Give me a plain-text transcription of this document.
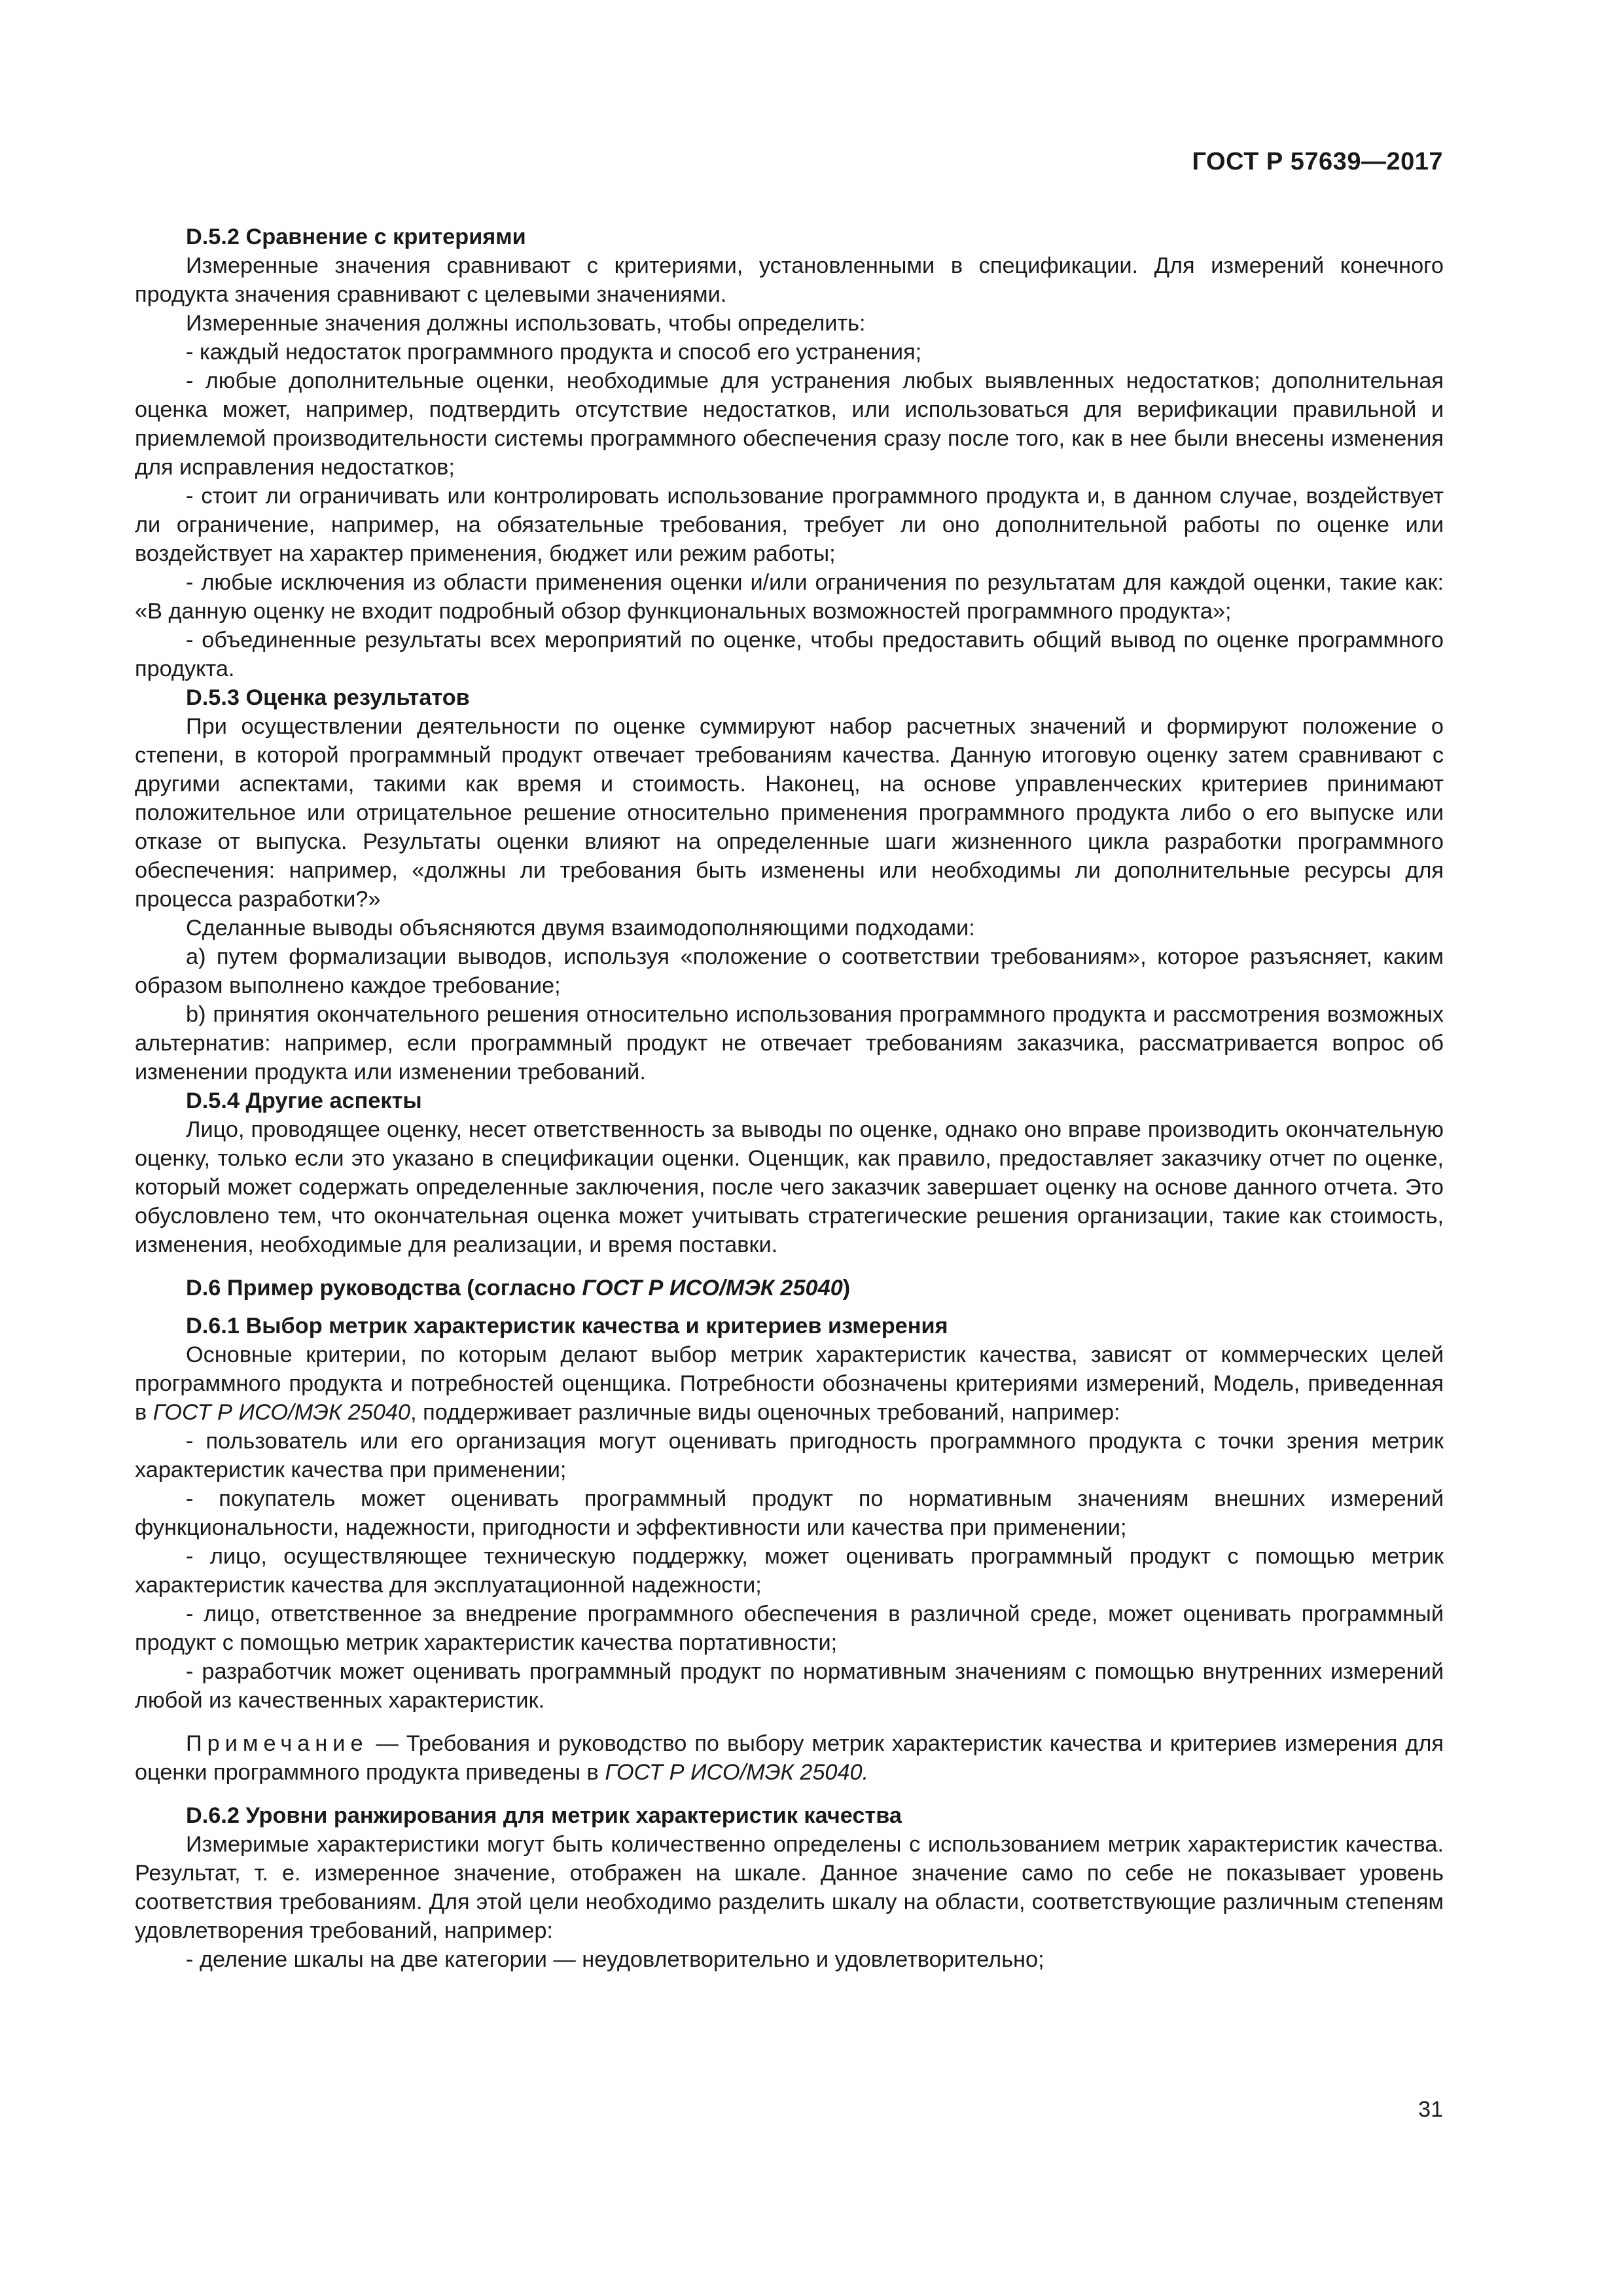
ГОСТ Р 57639—2017
D.5.2 Сравнение с критериями

Измеренные значения сравнивают с критериями, установленными в спецификации. Для измерений конечного продукта значения сравнивают с целевыми значениями.

Измеренные значения должны использовать, чтобы определить:

- каждый недостаток программного продукта и способ его устранения;

- любые дополнительные оценки, необходимые для устранения любых выявленных недостатков; дополнительная оценка может, например, подтвердить отсутствие недостатков, или использоваться для верификации правильной и приемлемой производительности системы программного обеспечения сразу после того, как в нее были внесены изменения для исправления недостатков;

- стоит ли ограничивать или контролировать использование программного продукта и, в данном случае, воздействует ли ограничение, например, на обязательные требования, требует ли оно дополнительной работы по оценке или воздействует на характер применения, бюджет или режим работы;

- любые исключения из области применения оценки и/или ограничения по результатам для каждой оценки, такие как: «В данную оценку не входит подробный обзор функциональных возможностей программного продукта»;

- объединенные результаты всех мероприятий по оценке, чтобы предоставить общий вывод по оценке программного продукта.

D.5.3 Оценка результатов

При осуществлении деятельности по оценке суммируют набор расчетных значений и формируют положение о степени, в которой программный продукт отвечает требованиям качества. Данную итоговую оценку затем сравнивают с другими аспектами, такими как время и стоимость. Наконец, на основе управленческих критериев принимают положительное или отрицательное решение относительно применения программного продукта либо о его выпуске или отказе от выпуска. Результаты оценки влияют на определенные шаги жизненного цикла разработки программного обеспечения: например, «должны ли требования быть изменены или необходимы ли дополнительные ресурсы для процесса разработки?»

Сделанные выводы объясняются двумя взаимодополняющими подходами:

а) путем формализации выводов, используя «положение о соответствии требованиям», которое разъясняет, каким образом выполнено каждое требование;

b) принятия окончательного решения относительно использования программного продукта и рассмотрения возможных альтернатив: например, если программный продукт не отвечает требованиям заказчика, рассматривается вопрос об изменении продукта или изменении требований.

D.5.4 Другие аспекты

Лицо, проводящее оценку, несет ответственность за выводы по оценке, однако оно вправе производить окончательную оценку, только если это указано в спецификации оценки. Оценщик, как правило, предоставляет заказчику отчет по оценке, который может содержать определенные заключения, после чего заказчик завершает оценку на основе данного отчета. Это обусловлено тем, что окончательная оценка может учитывать стратегические решения организации, такие как стоимость, изменения, необходимые для реализации, и время поставки.

D.6 Пример руководства (согласно ГОСТ Р ИСО/МЭК 25040)
D.6.1 Выбор метрик характеристик качества и критериев измерения

Основные критерии, по которым делают выбор метрик характеристик качества, зависят от коммерческих целей программного продукта и потребностей оценщика. Потребности обозначены критериями измерений, Модель, приведенная в ГОСТ Р ИСО/МЭК 25040, поддерживает различные виды оценочных требований, например:

- пользователь или его организация могут оценивать пригодность программного продукта с точки зрения метрик характеристик качества при применении;

- покупатель может оценивать программный продукт по нормативным значениям внешних измерений функциональности, надежности, пригодности и эффективности или качества при применении;

- лицо, осуществляющее техническую поддержку, может оценивать программный продукт с помощью метрик характеристик качества для эксплуатационной надежности;

- лицо, ответственное за внедрение программного обеспечения в различной среде, может оценивать программный продукт с помощью метрик характеристик качества портативности;

- разработчик может оценивать программный продукт по нормативным значениям с помощью внутренних измерений любой из качественных характеристик.

Примечание — Требования и руководство по выбору метрик характеристик качества и критериев измерения для оценки программного продукта приведены в ГОСТ Р ИСО/МЭК 25040.

D.6.2 Уровни ранжирования для метрик характеристик качества

Измеримые характеристики могут быть количественно определены с использованием метрик характеристик качества. Результат, т. е. измеренное значение, отображен на шкале. Данное значение само по себе не показывает уровень соответствия требованиям. Для этой цели необходимо разделить шкалу на области, соответствующие различным степеням удовлетворения требований, например:

- деление шкалы на две категории — неудовлетворительно и удовлетворительно;

31
